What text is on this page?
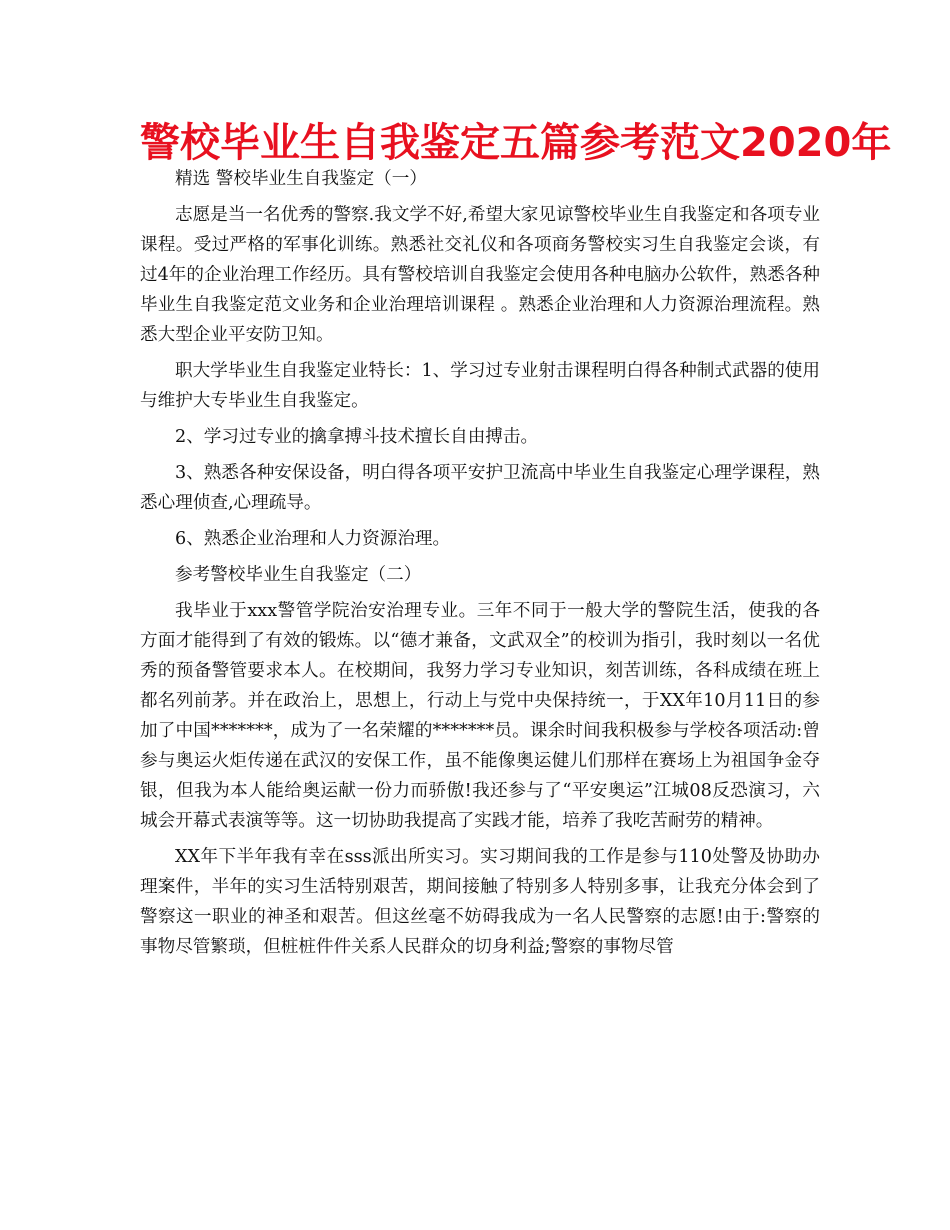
警校毕业生自我鉴定五篇参考范文2020年

精选 警校毕业生自我鉴定（一）

志愿是当一名优秀的警察.我文学不好,希望大家见谅警校毕业生自我鉴定和各项专业课程。受过严格的军事化训练。熟悉社交礼仪和各项商务警校实习生自我鉴定会谈，有过4年的企业治理工作经历。具有警校培训自我鉴定会使用各种电脑办公软件，熟悉各种毕业生自我鉴定范文业务和企业治理培训课程 。熟悉企业治理和人力资源治理流程。熟悉大型企业平安防卫知。

职大学毕业生自我鉴定业特长：1、学习过专业射击课程明白得各种制式武器的使用与维护大专毕业生自我鉴定。

2、学习过专业的擒拿搏斗技术擅长自由搏击。

3、熟悉各种安保设备，明白得各项平安护卫流高中毕业生自我鉴定心理学课程，熟悉心理侦查,心理疏导。

6、熟悉企业治理和人力资源治理。

参考警校毕业生自我鉴定（二）

我毕业于xxx警管学院治安治理专业。三年不同于一般大学的警院生活，使我的各方面才能得到了有效的锻炼。以“德才兼备，文武双全”的校训为指引，我时刻以一名优秀的预备警管要求本人。在校期间，我努力学习专业知识，刻苦训练，各科成绩在班上都名列前茅。并在政治上，思想上，行动上与党中央保持统一，于XX年10月11日的参加了中国*******，成为了一名荣耀的*******员。课余时间我积极参与学校各项活动:曾参与奥运火炬传递在武汉的安保工作，虽不能像奥运健儿们那样在赛场上为祖国争金夺银，但我为本人能给奥运献一份力而骄傲!我还参与了“平安奥运”江城08反恐演习，六城会开幕式表演等等。这一切协助我提高了实践才能，培养了我吃苦耐劳的精神。

XX年下半年我有幸在sss派出所实习。实习期间我的工作是参与110处警及协助办理案件，半年的实习生活特别艰苦，期间接触了特别多人特别多事，让我充分体会到了警察这一职业的神圣和艰苦。但这丝毫不妨碍我成为一名人民警察的志愿!由于:警察的事物尽管繁琐，但桩桩件件关系人民群众的切身利益;警察的事物尽管
